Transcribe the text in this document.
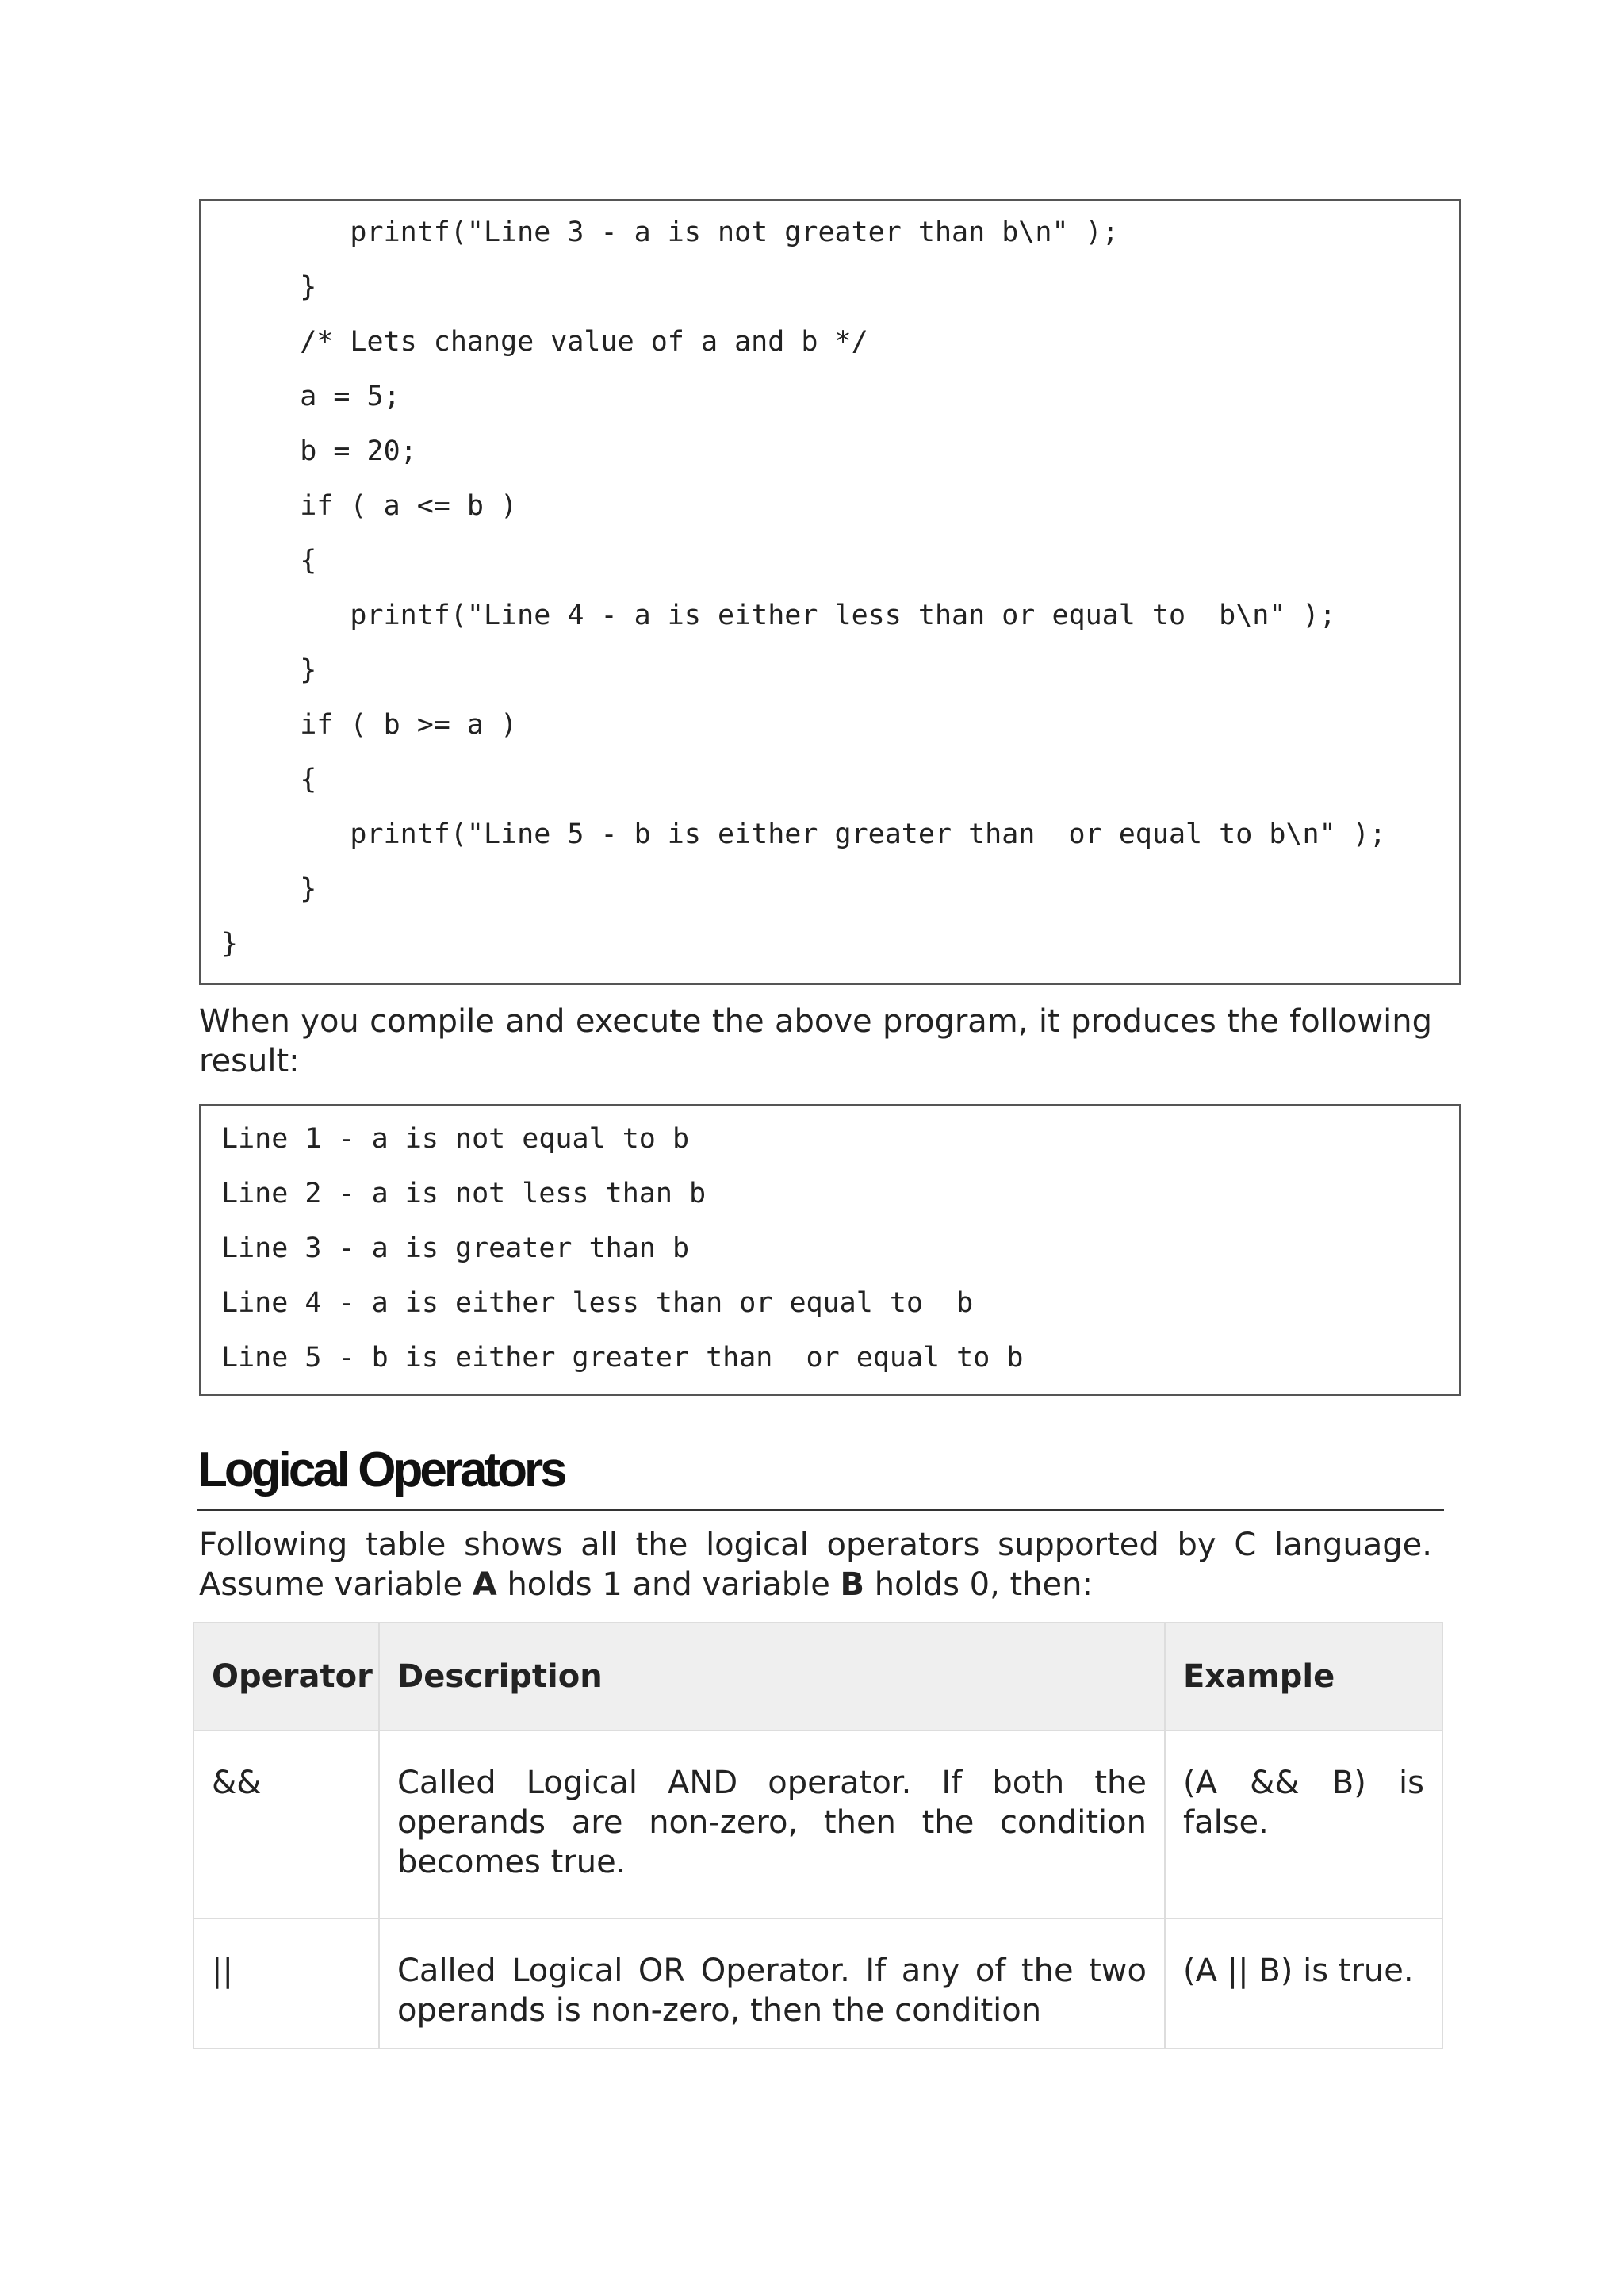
printf("Line 3 - a is not greater than b\n" );
}
/* Lets change value of a and b */
a = 5;
b = 20;
if ( a <= b )
{
printf("Line 4 - a is either less than or equal to  b\n" );
}
if ( b >= a )
{
printf("Line 5 - b is either greater than  or equal to b\n" );
}
}
When you compile and execute the above program, it produces the following result:
Line 1 - a is not equal to b
Line 2 - a is not less than b
Line 3 - a is greater than b
Line 4 - a is either less than or equal to  b
Line 5 - b is either greater than  or equal to b
Logical Operators
Following table shows all the logical operators supported by C language. Assume variable A holds 1 and variable B holds 0, then:
Operator	Description	Example
&&	Called Logical AND operator. If both the operands are non-zero, then the condition becomes true.	(A && B) is false.

||	Called Logical OR Operator. If any of the two operands is non-zero, then the condition	(A || B) is true.
